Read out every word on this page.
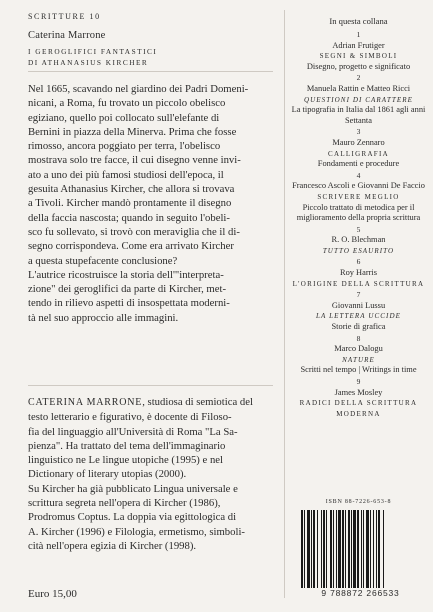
SCRITTURE 10
Caterina Marrone
I GEROGLIFICI FANTASTICI
DI ATHANASIUS KIRCHER

Nel 1665, scavando nel giardino dei Padri Domeni-

nicani, a Roma, fu trovato un piccolo obelisco

egiziano, quello poi collocato sull'elefante di

Bernini in piazza della Minerva. Prima che fosse

rimosso, ancora poggiato per terra, l'obelisco

mostrava solo tre facce, il cui disegno venne invi-

ato a uno dei più famosi studiosi dell'epoca, il

gesuita Athanasius Kircher, che allora si trovava

a Tivoli. Kircher mandò prontamente il disegno

della faccia nascosta; quando in seguito l'obeli-

sco fu sollevato, si trovò con meraviglia che il di-

segno corrispondeva. Come era arrivato Kircher

a questa stupefacente conclusione?

L'autrice ricostruisce la storia dell'"interpreta-

zione" dei geroglifici da parte di Kircher, met-

tendo in rilievo aspetti di insospettata moderni-

tà nel suo approccio alle immagini.

CATERINA MARRONE, studiosa di semiotica del

testo letterario e figurativo, è docente di Filoso-

fia del linguaggio all'Università di Roma "La Sa-

pienza". Ha trattato del tema dell'immaginario

linguistico ne Le lingue utopiche (1995) e nel

Dictionary of literary utopias (2000).

Su Kircher ha già pubblicato Lingua universale e

scrittura segreta nell'opera di Kircher (1986),

Prodromus Coptus. La doppia via egittologica di

A. Kircher (1996) e Filologia, ermetismo, simboli-

cità nell'opera egizia di Kircher (1998).

Euro 15,00
In questa collana
1
Adrian Frutiger
SEGNI & SIMBOLI
Disegno, progetto e significato
2
Manuela Rattin e Matteo Ricci
QUESTIONI DI CARATTERE
La tipografia in Italia dal 1861 agli anni Settanta
3
Mauro Zennaro
CALLIGRAFIA
Fondamenti e procedure
4
Francesco Ascoli e Giovanni De Faccio
SCRIVERE MEGLIO
Piccolo trattato di metodica per il miglioramento della propria scrittura
5
R. O. Blechman
TUTTO ESAURITO
6
Roy Harris
L'ORIGINE DELLA SCRITTURA
7
Giovanni Lussu
LA LETTERA UCCIDE
Storie di grafica
8
Marco Dalogu
NATURE
Scritti nel tempo | Writings in time
9
James Mosley
RADICI DELLA SCRITTURA MODERNA
ISBN 88-7226-653-8
9 788872 266533
